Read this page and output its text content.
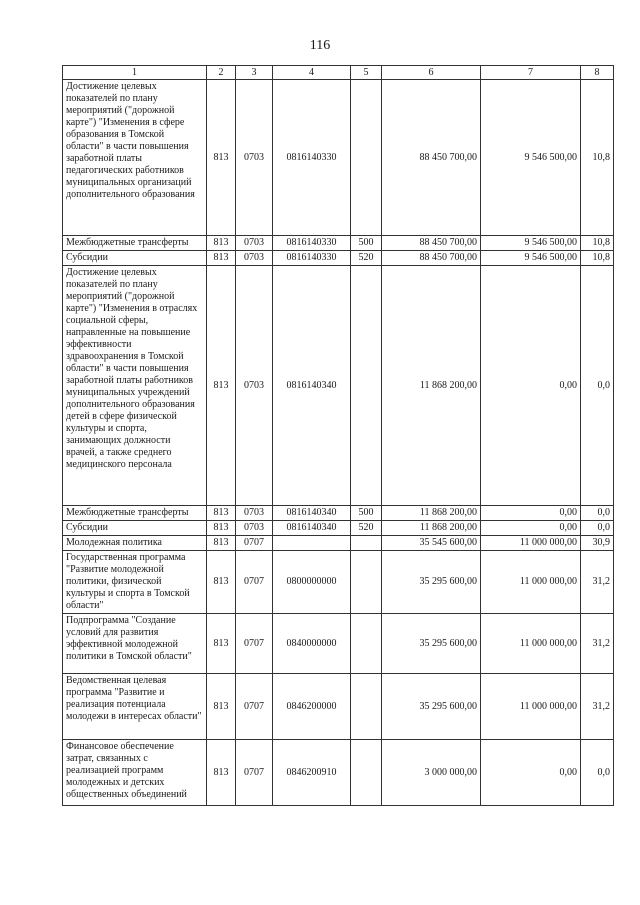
116
1	2	3	4	5	6	7	8
Достижение целевых показателей по плану мероприятий ("дорожной карте") "Изменения в сфере образования в Томской области" в части повышения заработной платы педагогических работников муниципальных организаций дополнительного образования	813	0703	0816140330		88 450 700,00	9 546 500,00	10,8
Межбюджетные трансферты	813	0703	0816140330	500	88 450 700,00	9 546 500,00	10,8
Субсидии	813	0703	0816140330	520	88 450 700,00	9 546 500,00	10,8
Достижение целевых показателей по плану мероприятий ("дорожной карте") "Изменения в отраслях социальной сферы, направленные на повышение эффективности здравоохранения в Томской области" в части повышения заработной платы работников муниципальных учреждений дополнительного образования детей в сфере физической культуры и спорта, занимающих должности врачей, а также среднего медицинского персонала	813	0703	0816140340		11 868 200,00	0,00	0,0
Межбюджетные трансферты	813	0703	0816140340	500	11 868 200,00	0,00	0,0
Субсидии	813	0703	0816140340	520	11 868 200,00	0,00	0,0
Молодежная политика	813	0707			35 545 600,00	11 000 000,00	30,9
Государственная программа "Развитие молодежной политики, физической культуры и спорта в Томской области"	813	0707	0800000000		35 295 600,00	11 000 000,00	31,2
Подпрограмма "Создание условий для развития эффективной молодежной политики в Томской области"	813	0707	0840000000		35 295 600,00	11 000 000,00	31,2
Ведомственная целевая программа "Развитие и реализация потенциала молодежи в интересах области"	813	0707	0846200000		35 295 600,00	11 000 000,00	31,2
Финансовое обеспечение затрат, связанных с реализацией программ молодежных и детских общественных объединений	813	0707	0846200910		3 000 000,00	0,00	0,0
